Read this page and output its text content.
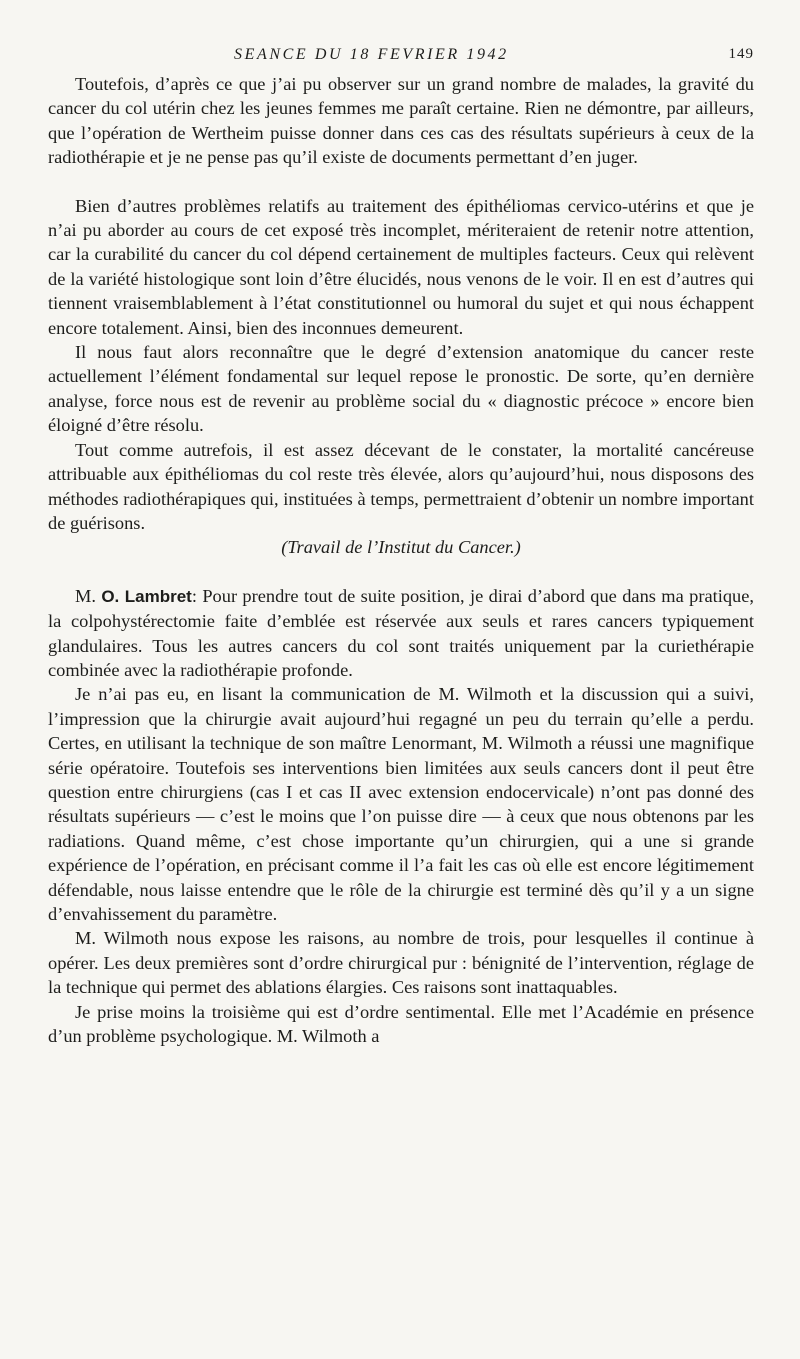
SEANCE DU 18 FEVRIER 1942	149

Toutefois, d’après ce que j’ai pu observer sur un grand nombre de malades, la gravité du cancer du col utérin chez les jeunes femmes me paraît certaine. Rien ne démontre, par ailleurs, que l’opération de Wertheim puisse donner dans ces cas des résultats supérieurs à ceux de la radiothérapie et je ne pense pas qu’il existe de documents permettant d’en juger.

Bien d’autres problèmes relatifs au traitement des épithéliomas cervico-utérins et que je n’ai pu aborder au cours de cet exposé très incomplet, mériteraient de retenir notre attention, car la curabilité du cancer du col dépend certainement de multiples facteurs. Ceux qui relèvent de la variété histologique sont loin d’être élucidés, nous venons de le voir. Il en est d’autres qui tiennent vraisemblablement à l’état constitutionnel ou humoral du sujet et qui nous échappent encore totalement. Ainsi, bien des inconnues demeurent.

Il nous faut alors reconnaître que le degré d’extension anatomique du cancer reste actuellement l’élément fondamental sur lequel repose le pronostic. De sorte, qu’en dernière analyse, force nous est de revenir au problème social du « diagnostic précoce » encore bien éloigné d’être résolu.

Tout comme autrefois, il est assez décevant de le constater, la mortalité cancéreuse attribuable aux épithéliomas du col reste très élevée, alors qu’aujourd’hui, nous disposons des méthodes radiothérapiques qui, instituées à temps, permettraient d’obtenir un nombre important de guérisons.

(Travail de l’Institut du Cancer.)

M. O. Lambret: Pour prendre tout de suite position, je dirai d’abord que dans ma pratique, la colpohystérectomie faite d’emblée est réservée aux seuls et rares cancers typiquement glandulaires. Tous les autres cancers du col sont traités uniquement par la curiethérapie combinée avec la radiothérapie profonde.

Je n’ai pas eu, en lisant la communication de M. Wilmoth et la discussion qui a suivi, l’impression que la chirurgie avait aujourd’hui regagné un peu du terrain qu’elle a perdu. Certes, en utilisant la technique de son maître Lenormant, M. Wilmoth a réussi une magnifique série opératoire. Toutefois ses interventions bien limitées aux seuls cancers dont il peut être question entre chirurgiens (cas I et cas II avec extension endocervicale) n’ont pas donné des résultats supérieurs — c’est le moins que l’on puisse dire — à ceux que nous obtenons par les radiations. Quand même, c’est chose importante qu’un chirurgien, qui a une si grande expérience de l’opération, en précisant comme il l’a fait les cas où elle est encore légitimement défendable, nous laisse entendre que le rôle de la chirurgie est terminé dès qu’il y a un signe d’envahissement du paramètre.

M. Wilmoth nous expose les raisons, au nombre de trois, pour lesquelles il continue à opérer. Les deux premières sont d’ordre chirurgical pur : bénignité de l’intervention, réglage de la technique qui permet des ablations élargies. Ces raisons sont inattaquables.

Je prise moins la troisième qui est d’ordre sentimental. Elle met l’Académie en présence d’un problème psychologique. M. Wilmoth a
